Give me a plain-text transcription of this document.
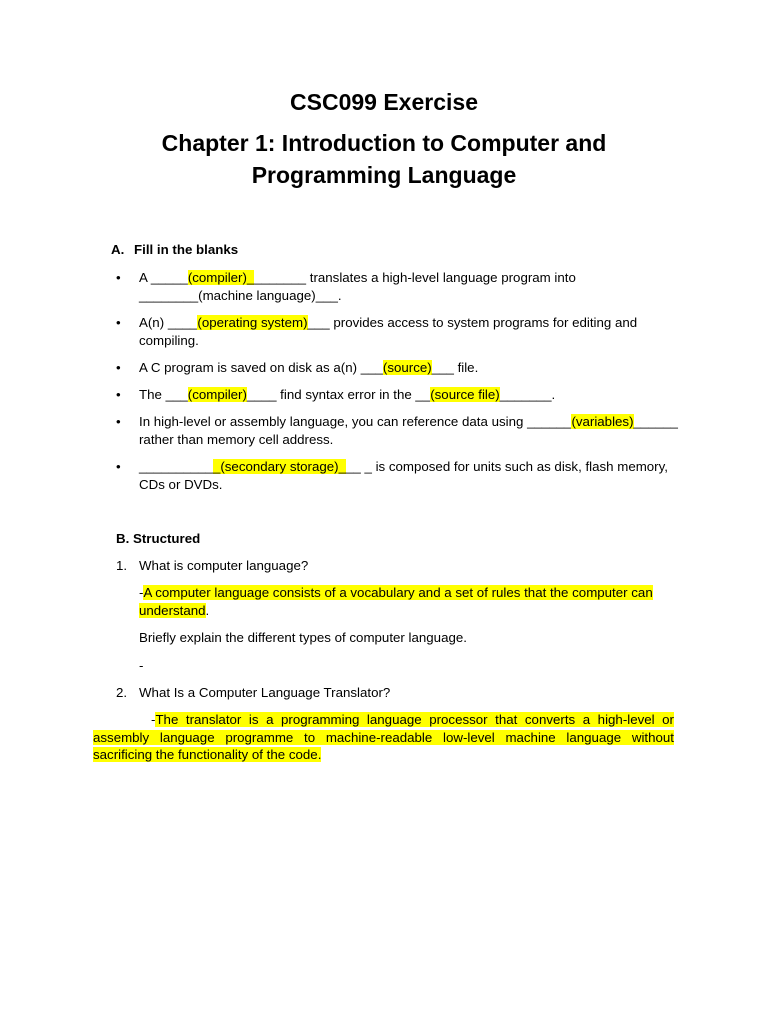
CSC099 Exercise
Chapter 1: Introduction to Computer and Programming Language
A. Fill in the blanks
• A _____(compiler)________ translates a high-level language program into ________(machine language)___.
• A(n) ____(operating system)___ provides access to system programs for editing and compiling.
• A C program is saved on disk as a(n) ___(source)___ file.
• The ___(compiler)____ find syntax error in the __(source file)_______.
• In high-level or assembly language, you can reference data using ______(variables)______ rather than memory cell address.
• ___________(secondary storage)___ _ is composed for units such as disk, flash memory, CDs or DVDs.
B. Structured
1. What is computer language?
-A computer language consists of a vocabulary and a set of rules that the computer can understand.
Briefly explain the different types of computer language.
-
2. What Is a Computer Language Translator?
-The translator is a programming language processor that converts a high-level or assembly language programme to machine-readable low-level machine language without sacrificing the functionality of the code.
